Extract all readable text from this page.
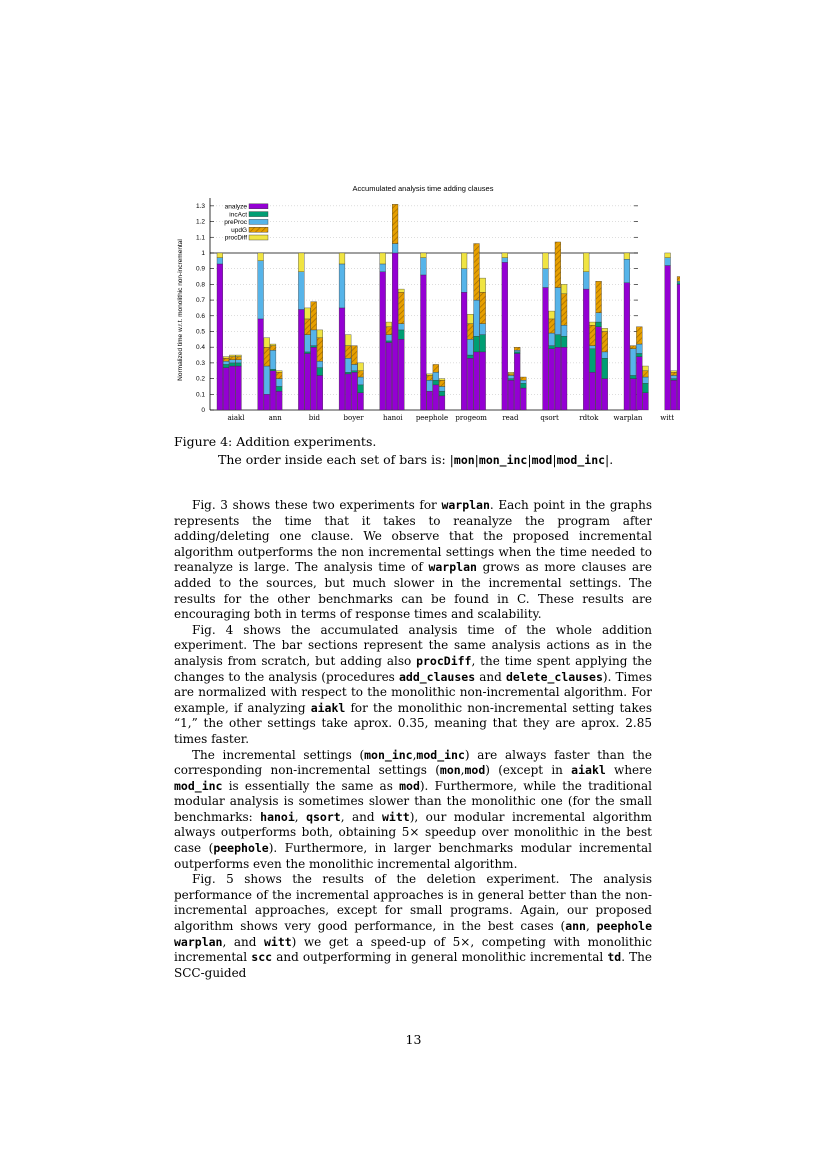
Accumulated analysis time adding clauses
Normalized time w.r.t. monolithic non-incremental
0
0.1
0.2
0.3
0.4
0.5
0.6
0.7
0.8
0.9
1
1.1
1.2
1.3
aiakl	ann	bid	boyer	hanoi peephole progeom read	qsort	rdtok warplan	witt
analyze
incAct
preProc
updG
procDiff
Figure 4: Addition experiments.
The order inside each set of bars is: |mon|mon_inc|mod|mod_inc|.

Fig. 3 shows these two experiments for warplan. Each point in the graphs represents the time that it takes to reanalyze the program after adding/deleting one clause. We observe that the proposed incremental algorithm outperforms the non incremental settings when the time needed to reanalyze is large. The analysis time of warplan grows as more clauses are added to the sources, but much slower in the incremental settings. The results for the other benchmarks can be found in C. These results are encouraging both in terms of response times and scalability.

Fig. 4 shows the accumulated analysis time of the whole addition experiment. The bar sections represent the same analysis actions as in the analysis from scratch, but adding also procDiff, the time spent applying the changes to the analysis (procedures add_clauses and delete_clauses). Times are normalized with respect to the monolithic non-incremental algorithm. For example, if analyzing aiakl for the monolithic non-incremental setting takes “1,” the other settings take aprox. 0.35, meaning that they are aprox. 2.85 times faster.

The incremental settings (mon_inc,mod_inc) are always faster than the corresponding non-incremental settings (mon,mod) (except in aiakl where mod_inc is essentially the same as mod). Furthermore, while the traditional modular analysis is sometimes slower than the monolithic one (for the small benchmarks: hanoi, qsort, and witt), our modular incremental algorithm always outperforms both, obtaining 5× speedup over monolithic in the best case (peephole). Furthermore, in larger benchmarks modular incremental outperforms even the monolithic incremental algorithm.

Fig. 5 shows the results of the deletion experiment. The analysis performance of the incremental approaches is in general better than the non-incremental approaches, except for small programs. Again, our proposed algorithm shows very good performance, in the best cases (ann, peephole warplan, and witt) we get a speed-up of 5×, competing with monolithic incremental scc and outperforming in general monolithic incremental td. The SCC-guided

13
